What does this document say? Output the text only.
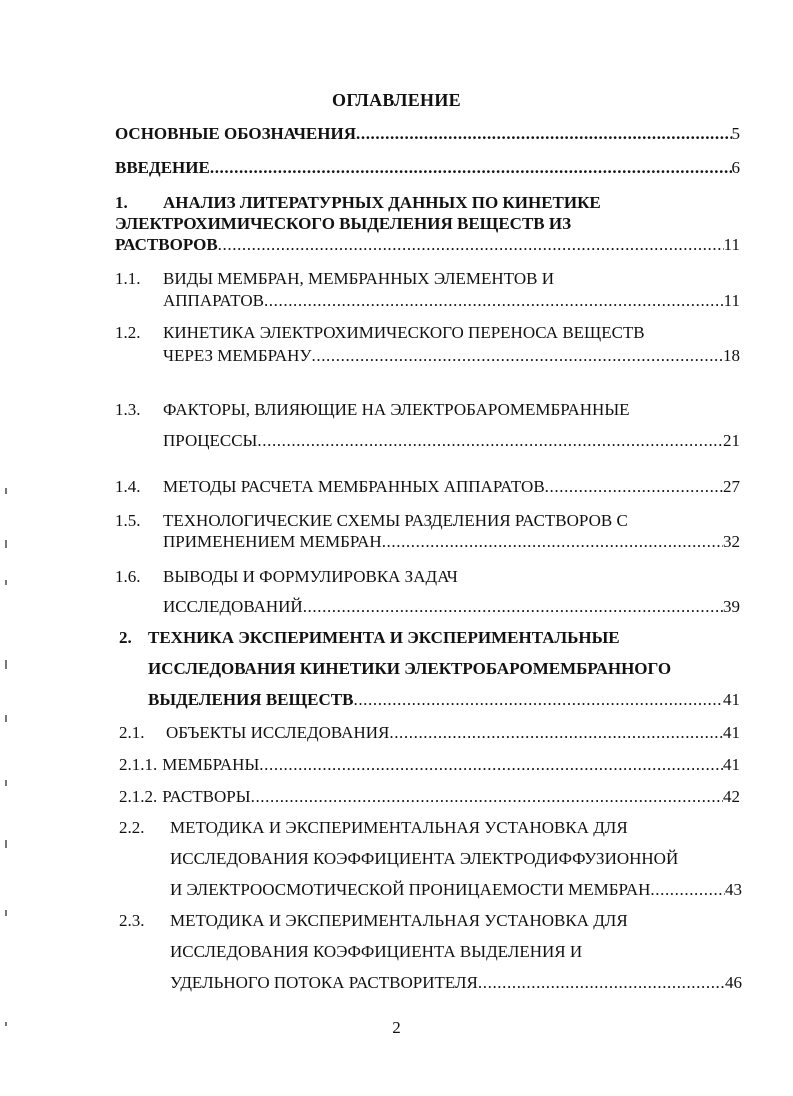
ОГЛАВЛЕНИЕ
ОСНОВНЫЕ ОБОЗНАЧЕНИЯ .....	5
ВВЕДЕНИЕ .....	6
1. АНАЛИЗ ЛИТЕРАТУРНЫХ ДАННЫХ ПО КИНЕТИКЕ
ЭЛЕКТРОХИМИЧЕСКОГО ВЫДЕЛЕНИЯ ВЕЩЕСТВ ИЗ
РАСТВОРОВ .....	11
1.1. ВИДЫ МЕМБРАН, МЕМБРАННЫХ ЭЛЕМЕНТОВ И
АППАРАТОВ .....	11
1.2. КИНЕТИКА ЭЛЕКТРОХИМИЧЕСКОГО ПЕРЕНОСА ВЕЩЕСТВ
ЧЕРЕЗ МЕМБРАНУ .....	18
1.3. ФАКТОРЫ, ВЛИЯЮЩИЕ НА ЭЛЕКТРОБАРОМЕМБРАННЫЕ
ПРОЦЕССЫ .....	21
1.4. МЕТОДЫ РАСЧЕТА МЕМБРАННЫХ АППАРАТОВ .....	27
1.5. ТЕХНОЛОГИЧЕСКИЕ СХЕМЫ РАЗДЕЛЕНИЯ РАСТВОРОВ С
ПРИМЕНЕНИЕМ МЕМБРАН .....	32
1.6. ВЫВОДЫ И ФОРМУЛИРОВКА ЗАДАЧ
ИССЛЕДОВАНИЙ .....	39
2. ТЕХНИКА ЭКСПЕРИМЕНТА И ЭКСПЕРИМЕНТАЛЬНЫЕ
ИССЛЕДОВАНИЯ КИНЕТИКИ ЭЛЕКТРОБАРОМЕМБРАННОГО
ВЫДЕЛЕНИЯ ВЕЩЕСТВ .....	41
2.1. ОБЪЕКТЫ ИССЛЕДОВАНИЯ .....	41
2.1.1. МЕМБРАНЫ .....	41
2.1.2. РАСТВОРЫ .....	42
2.2. МЕТОДИКА И ЭКСПЕРИМЕНТАЛЬНАЯ УСТАНОВКА ДЛЯ
ИССЛЕДОВАНИЯ КОЭФФИЦИЕНТА ЭЛЕКТРОДИФФУЗИОННОЙ
И ЭЛЕКТРООСМОТИЧЕСКОЙ ПРОНИЦАЕМОСТИ МЕМБРАН .....	43
2.3. МЕТОДИКА И ЭКСПЕРИМЕНТАЛЬНАЯ УСТАНОВКА ДЛЯ
ИССЛЕДОВАНИЯ КОЭФФИЦИЕНТА ВЫДЕЛЕНИЯ И
УДЕЛЬНОГО ПОТОКА РАСТВОРИТЕЛЯ .....	46
2
